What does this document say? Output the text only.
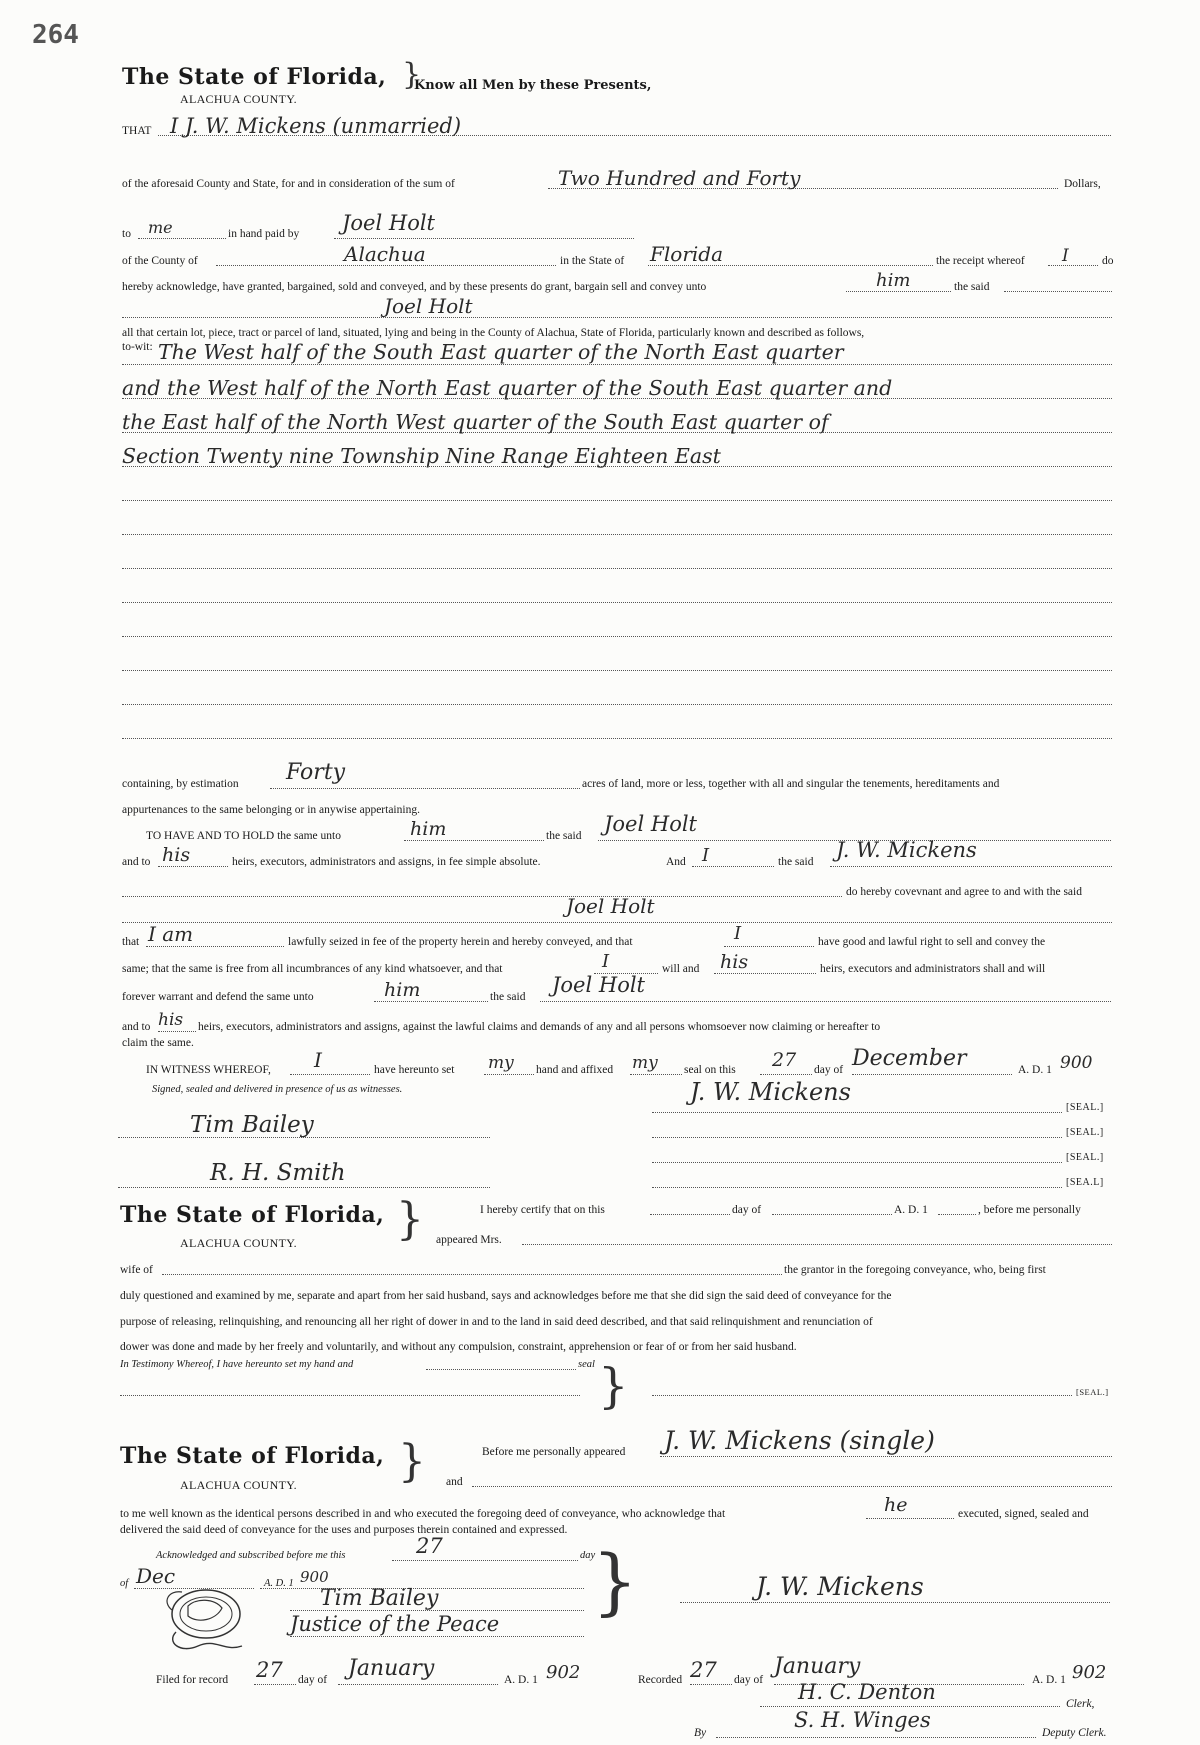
264
The State of Florida, }
Know all Men by these Presents,
ALACHUA COUNTY.
THAT I J. W. Mickens (unmarried)
of the aforesaid County and State, for and in consideration of the sum of	Two Hundred and Forty	Dollars,
to me	in hand paid by Joel Holt
of the County of	Alachua	in the State of Florida	the receipt whereof I	do
hereby acknowledge, have granted, bargained, sold and conveyed, and by these presents do grant, bargain sell and convey unto	him	the said
Joel Holt
all that certain lot, piece, tract or parcel of land, situated, lying and being in the County of Alachua, State of Florida, particularly known and described as follows,
to-wit: The West half of the South East quarter of the North East quarter
and the West half of the North East quarter of the South East quarter and
the East half of the North West quarter of the South East quarter of
Section Twenty nine Township Nine Range Eighteen East
containing, by estimation Forty	acres of land, more or less, together with all and singular the tenements, hereditaments and
appurtenances to the same belonging or in anywise appertaining.
TO HAVE AND TO HOLD the same unto	him	the said Joel Holt
and to his	heirs, executors, administrators and assigns, in fee simple absolute.	And I	the said J. W. Mickens
do hereby covevnant and agree to and with the said
Joel Holt
that I am	lawfully seized in fee of the property herein and hereby conveyed, and that	I	have good and lawful right to sell and convey the
same; that the same is free from all incumbrances of any kind whatsoever, and that	I	will and his	heirs, executors and administrators shall and will
forever warrant and defend the same unto	him	the said Joel Holt
and to his heirs, executors, administrators and assigns, against the lawful claims and demands of any and all persons whomsoever now claiming or hereafter to
claim the same.
IN WITNESS WHEREOF, I	have hereunto set my hand and affixed my seal on this 27 day of December	A. D. 1 900
Signed, sealed and delivered in presence of us as witnesses.
[SEAL.]
J. W. Mickens
[SEAL.]
[SEAL.]
[SEA.L]
Tim Bailey
R. H. Smith
The State of Florida, }
ALACHUA COUNTY.
I hereby certify that on this	day of	A. D. 1	, before me personally
appeared Mrs.
wife of	the grantor in the foregoing conveyance, who, being first
duly questioned and examined by me, separate and apart from her said husband, says and acknowledges before me that she did sign the said deed of conveyance for the
purpose of releasing, relinquishing, and renouncing all her right of dower in and to the land in said deed described, and that said relinquishment and renunciation of
dower was done and made by her freely and voluntarily, and without any compulsion, constraint, apprehension or fear of or from her said husband.
In Testimony Whereof, I have hereunto set my hand and	seal }	[SEAL.]
The State of Florida, }
ALACHUA COUNTY.
Before me personally appeared J. W. Mickens (single)
and
to me well known as the identical persons described in and who executed the foregoing deed of conveyance, who acknowledge that	he	executed, signed, sealed and
delivered the said deed of conveyance for the uses and purposes therein contained and expressed.
Acknowledged and subscribed before me this	27	day
}
of Dec	A. D. 1 900
Tim Bailey
Justice of the Peace
J. W. Mickens
Filed for record 27 day of January	A. D. 1 902	Recorded 27 day of
January
A. D. 1 902
H. C. Denton	Clerk,
By
S. H. Winges
Deputy Clerk.
